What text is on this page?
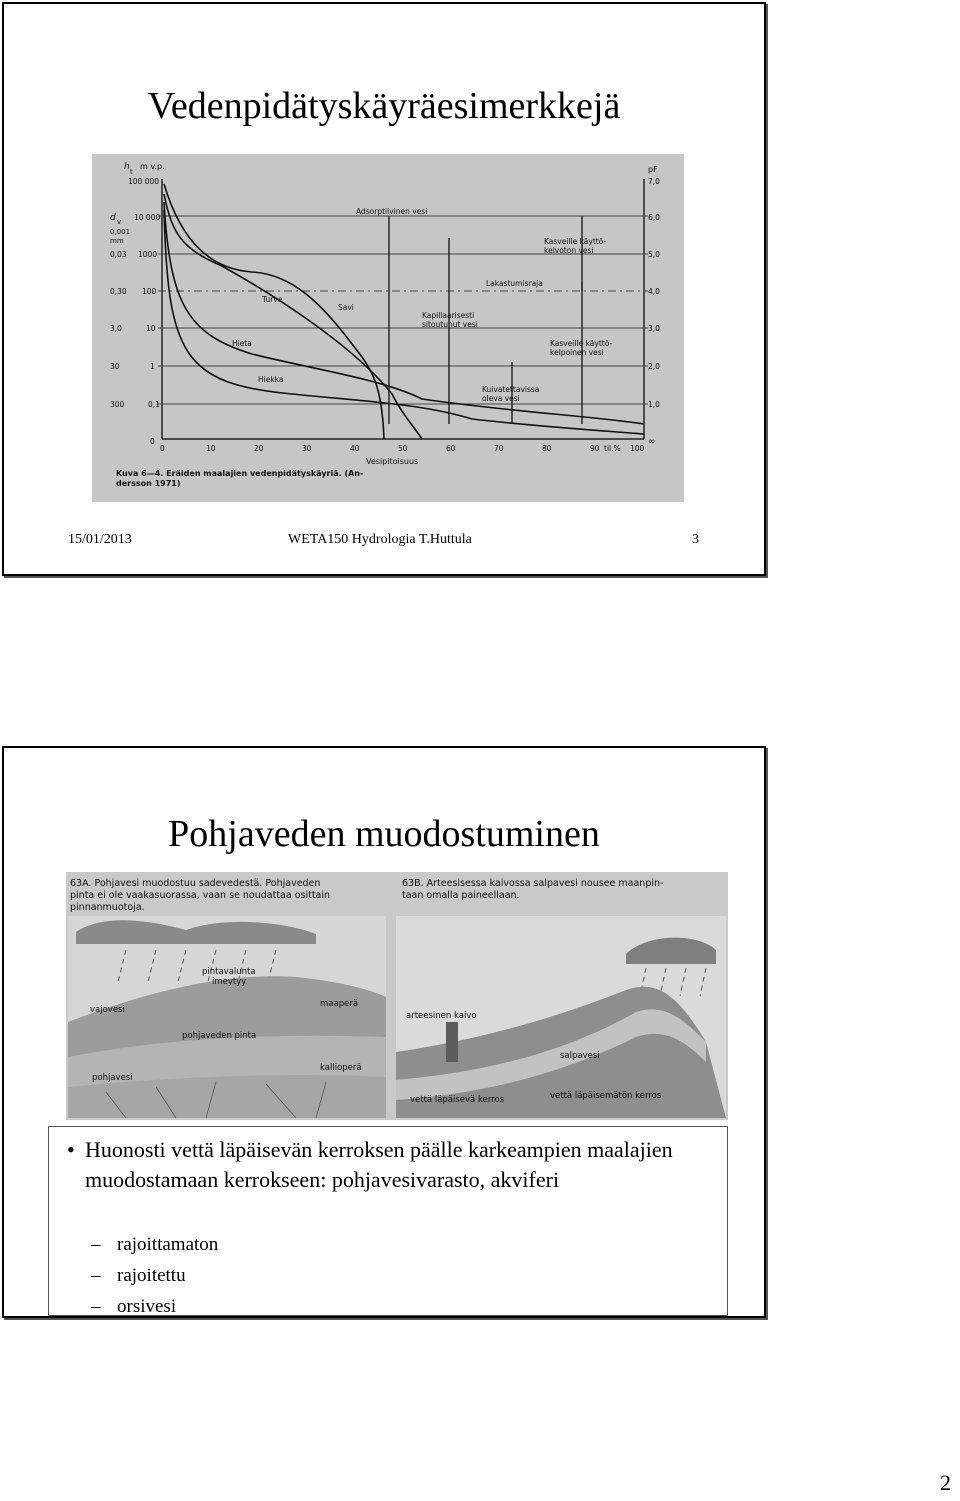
Vedenpidätyskäyräesimerkkejä
h t
m v.p.
d v
0,001
mm
0,03
0,30
3,0
30
300
100 000
10 000
1000
100
10
1
0,1
0
pF
7,0
6,0
5,0
4,0
3,0
2,0
1,0
∞
0	10	20	30	40	50	60	70	80	90 til.% 100
Vesipitoisuus
Adsorptiivinen vesi
Kasveille käyttö-
kelvoton vesi
Lakastumisraja
Kapillaarisesti
sitoutunut vesi
Kasveille käyttö-
kelpoinen vesi
Kuivatettavissa
oleva vesi
Turve
Savi
Hieta
Hiekka
Kuva 6—4. Eräiden maalajien vedenpidätyskäyriä. (An-
dersson 1971)
15/01/2013	WETA150 Hydrologia T.Huttula	3
Pohjaveden muodostuminen
pintavalunta
imeytyy
vajovesi
maaperä
pohjaveden pinta
pohjavesi
kallioperä
arteesinen kaivo
salpavesi
vettä läpäisevä kerros	vettä läpäisemätön kerros
63A. Pohjavesi muodostuu sadevedestä. Pohjaveden
pinta ei ole vaakasuorassa, vaan se noudattaa osittain
pinnanmuotoja.
63B. Arteesisessa kaivossa salpavesi nousee maanpin-
taan omalla paineellaan.
• Huonosti vettä läpäisevän kerroksen päälle karkeampien maalajien muodostamaan kerrokseen: pohjavesivarasto, akviferi
– rajoittamaton
– rajoitettu
– orsivesi
2
